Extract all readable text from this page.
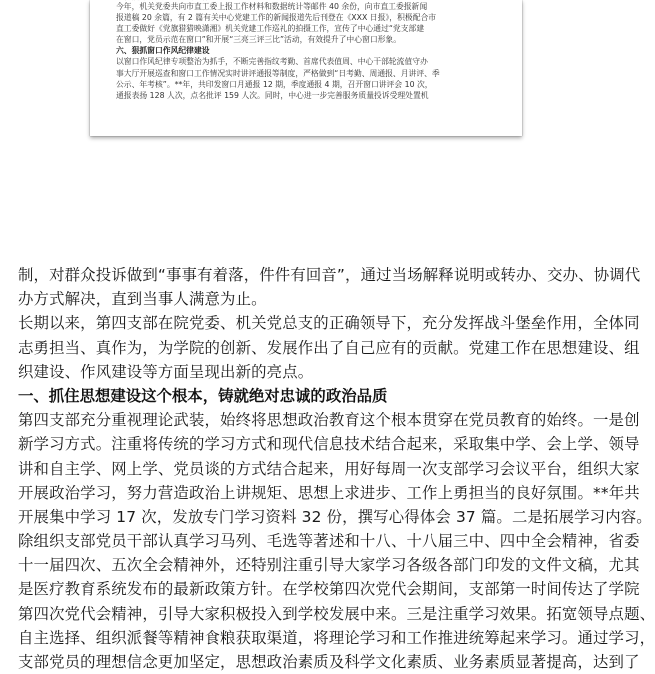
今年，机关党委共向市直工委上报工作材料和数据统计等邮件 40 余份，向市直工委报新闻
报道稿 20 余篇，有 2 篇有关中心党建工作的新闻报道先后刊登在《XXX 日报》，积极配合市
直工委做好《党旗猎猎映潇湘》机关党建工作巡礼的拍摄工作，宣传了中心通过“党支部建
在窗口，党员示范在窗口”和开展“三亮三评三比”活动，有效提升了中心窗口形象。
六、狠抓窗口作风纪律建设
以窗口作风纪律专项整治为抓手，不断完善指纹考勤、首席代表值周、中心干部轮流值守办
事大厅开展巡查和窗口工作情况实时讲评通报等制度，严格做到“日考勤、周通报、月讲评、季
公示、年考核”。**年，共印发窗口月通报 12 期，季度通报 4 期，召开窗口讲评会 10 次，
通报表扬 128 人次，点名批评 159 人次。同时，中心进一步完善服务质量投诉受理处置机
制，对群众投诉做到“事事有着落，件件有回音”，通过当场解释说明或转办、交办、协调代
办方式解决，直到当事人满意为止。
长期以来，第四支部在院党委、机关党总支的正确领导下，充分发挥战斗堡垒作用，全体同
志勇担当、真作为，为学院的创新、发展作出了自己应有的贡献。党建工作在思想建设、组
织建设、作风建设等方面呈现出新的亮点。
一、抓住思想建设这个根本，铸就绝对忠诚的政治品质
第四支部充分重视理论武装，始终将思想政治教育这个根本贯穿在党员教育的始终。一是创
新学习方式。注重将传统的学习方式和现代信息技术结合起来，采取集中学、会上学、领导
讲和自主学、网上学、党员谈的方式结合起来，用好每周一次支部学习会议平台，组织大家
开展政治学习，努力营造政治上讲规矩、思想上求进步、工作上勇担当的良好氛围。**年共
开展集中学习 17 次，发放专门学习资料 32 份，撰写心得体会 37 篇。二是拓展学习内容。
除组织支部党员干部认真学习马列、毛选等著述和十八、十八届三中、四中全会精神，省委
十一届四次、五次全会精神外，还特别注重引导大家学习各级各部门印发的文件文稿，尤其
是医疗教育系统发布的最新政策方针。在学校第四次党代会期间，支部第一时间传达了学院
第四次党代会精神，引导大家积极投入到学校发展中来。三是注重学习效果。拓宽领导点题、
自主选择、组织派餐等精神食粮获取渠道，将理论学习和工作推进统筹起来学习。通过学习，
支部党员的理想信念更加坚定，思想政治素质及科学文化素质、业务素质显著提高，达到了
